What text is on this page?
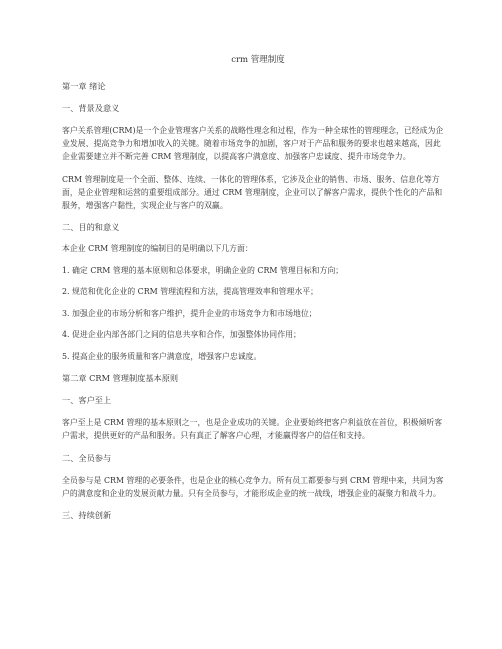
crm 管理制度
第一章 绪论
一、背景及意义
客户关系管理(CRM)是一个企业管理客户关系的战略性理念和过程，作为一种全球性的管理理念，已经成为企业发展、提高竞争力和增加收入的关键。随着市场竞争的加剧，客户对于产品和服务的要求也越来越高，因此企业需要建立并不断完善 CRM 管理制度，以提高客户满意度、加强客户忠诚度、提升市场竞争力。
CRM 管理制度是一个全面、整体、连续、一体化的管理体系，它涉及企业的销售、市场、服务、信息化等方面，是企业管理和运营的重要组成部分。通过 CRM 管理制度，企业可以了解客户需求，提供个性化的产品和服务，增强客户黏性，实现企业与客户的双赢。
二、目的和意义
本企业 CRM 管理制度的编制目的是明确以下几方面：
1. 确定 CRM 管理的基本原则和总体要求，明确企业的 CRM 管理目标和方向；
2. 规范和优化企业的 CRM 管理流程和方法，提高管理效率和管理水平；
3. 加强企业的市场分析和客户维护，提升企业的市场竞争力和市场地位；
4. 促进企业内部各部门之间的信息共享和合作，加强整体协同作用；
5. 提高企业的服务质量和客户满意度，增强客户忠诚度。
第二章 CRM 管理制度基本原则
一、客户至上
客户至上是 CRM 管理的基本原则之一，也是企业成功的关键。企业要始终把客户利益放在首位，积极倾听客户需求，提供更好的产品和服务。只有真正了解客户心理，才能赢得客户的信任和支持。
二、全员参与
全员参与是 CRM 管理的必要条件，也是企业的核心竞争力。所有员工都要参与到 CRM 管理中来，共同为客户的满意度和企业的发展贡献力量。只有全员参与，才能形成企业的统一战线，增强企业的凝聚力和战斗力。
三、持续创新
